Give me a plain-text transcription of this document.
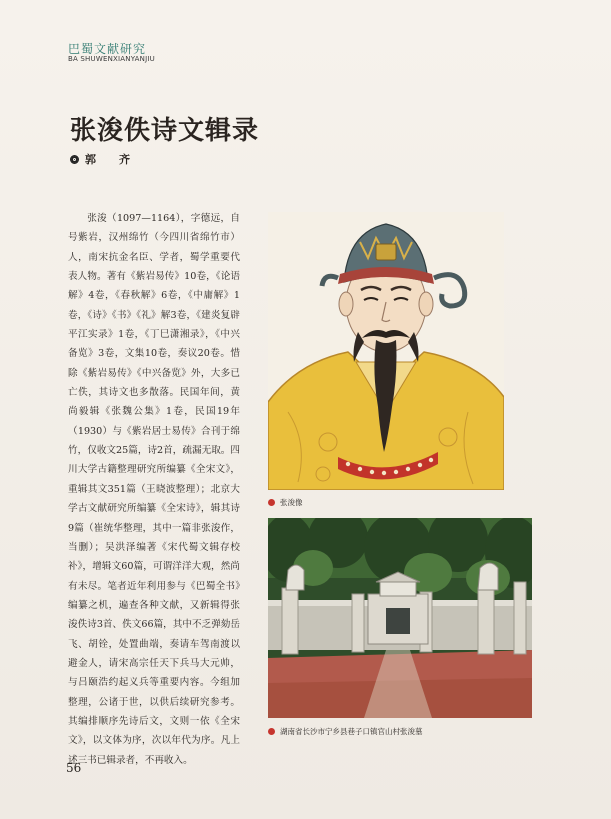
巴蜀文献研究
BA SHUWENXIANYANJIU
张浚佚诗文辑录
郭　齐
张浚（1097—1164），字德远，自号紫岩，汉州绵竹（今四川省绵竹市）人，南宋抗金名臣、学者，蜀学重要代表人物。著有《紫岩易传》10卷，《论语解》4卷，《春秋解》6卷，《中庸解》1卷，《诗》《书》《礼》解3卷，《建炎复辟平江实录》1卷，《丁巳潇湘录》，《中兴备览》3卷，文集10卷，奏议20卷。惜除《紫岩易传》《中兴备览》外，大多已亡佚，其诗文也多散落。民国年间，黄尚毅辑《张魏公集》1卷，民国19年（1930）与《紫岩居士易传》合刊于绵竹，仅收文25篇，诗2首，疏漏无取。四川大学古籍整理研究所编纂《全宋文》，重辑其文351篇（王晓波整理）；北京大学古文献研究所编纂《全宋诗》，辑其诗9篇（崔统华整理，其中一篇非张浚作，当删）；吴洪泽编著《宋代蜀文辑存校补》，增辑文60篇，可谓洋洋大观，然尚有未尽。笔者近年利用参与《巴蜀全书》编纂之机，遍查各种文献，又新辑得张浚佚诗3首、佚文66篇，其中不乏弹劾岳飞、胡铨，处置曲端，奏请车驾南渡以避金人，请宋高宗任天下兵马大元帅，与吕颐浩约起义兵等重要内容。今组加整理，公诸于世，以供后续研究参考。其编排顺序先诗后文，文则一依《全宋文》，以文体为序，次以年代为序。凡上述三书已辑录者，不再收入。
张浚像
湖南省长沙市宁乡县巷子口镇官山村张浚墓
56
